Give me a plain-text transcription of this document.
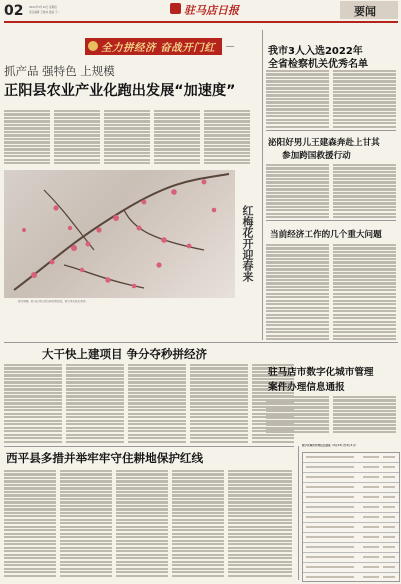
02 2022年3月10日 星期四
责任编辑 王春林 美编 于...	驻马店日报	要闻
全力拼经济 奋战开门红
抓产品 强特色 上规模
正阳县农业产业化跑出发展“加速度”
红梅花开迎春来
春光明媚，驻马店市区的红梅竞相绽放，吸引市民驻足观赏。
我市3人入选2022年
全省检察机关优秀名单
泌阳好男儿王建森奔赴上甘其
参加跨国救援行动
当前经济工作的几个重大问题
大干快上建项目 争分夺秒拼经济
驻马店市数字化城市管理
案件办理信息通报
数字化城市管理信息通报（2月23日至3月1日）
西平县多措并举牢牢守住耕地保护红线
